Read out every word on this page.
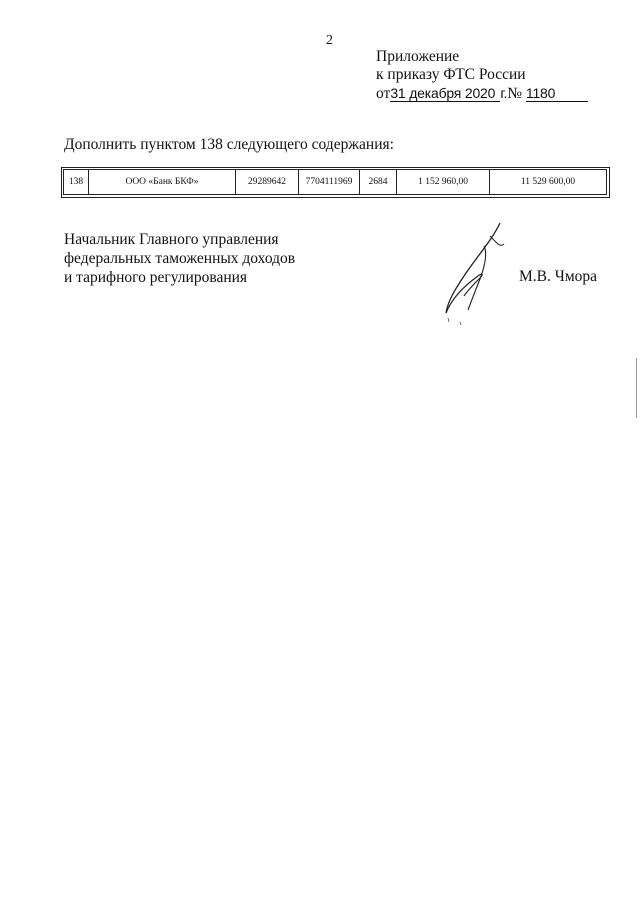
2
Приложение
к приказу ФТС России
от31 декабря 2020 г.№ 1180
Дополнить пунктом 138 следующего содержания:
138	ООО «Банк БКФ»	29289642	7704111969	2684	1 152 960,00	11 529 600,00
Начальник Главного управления
федеральных таможенных доходов
и тарифного регулирования	М.В. Чмора
